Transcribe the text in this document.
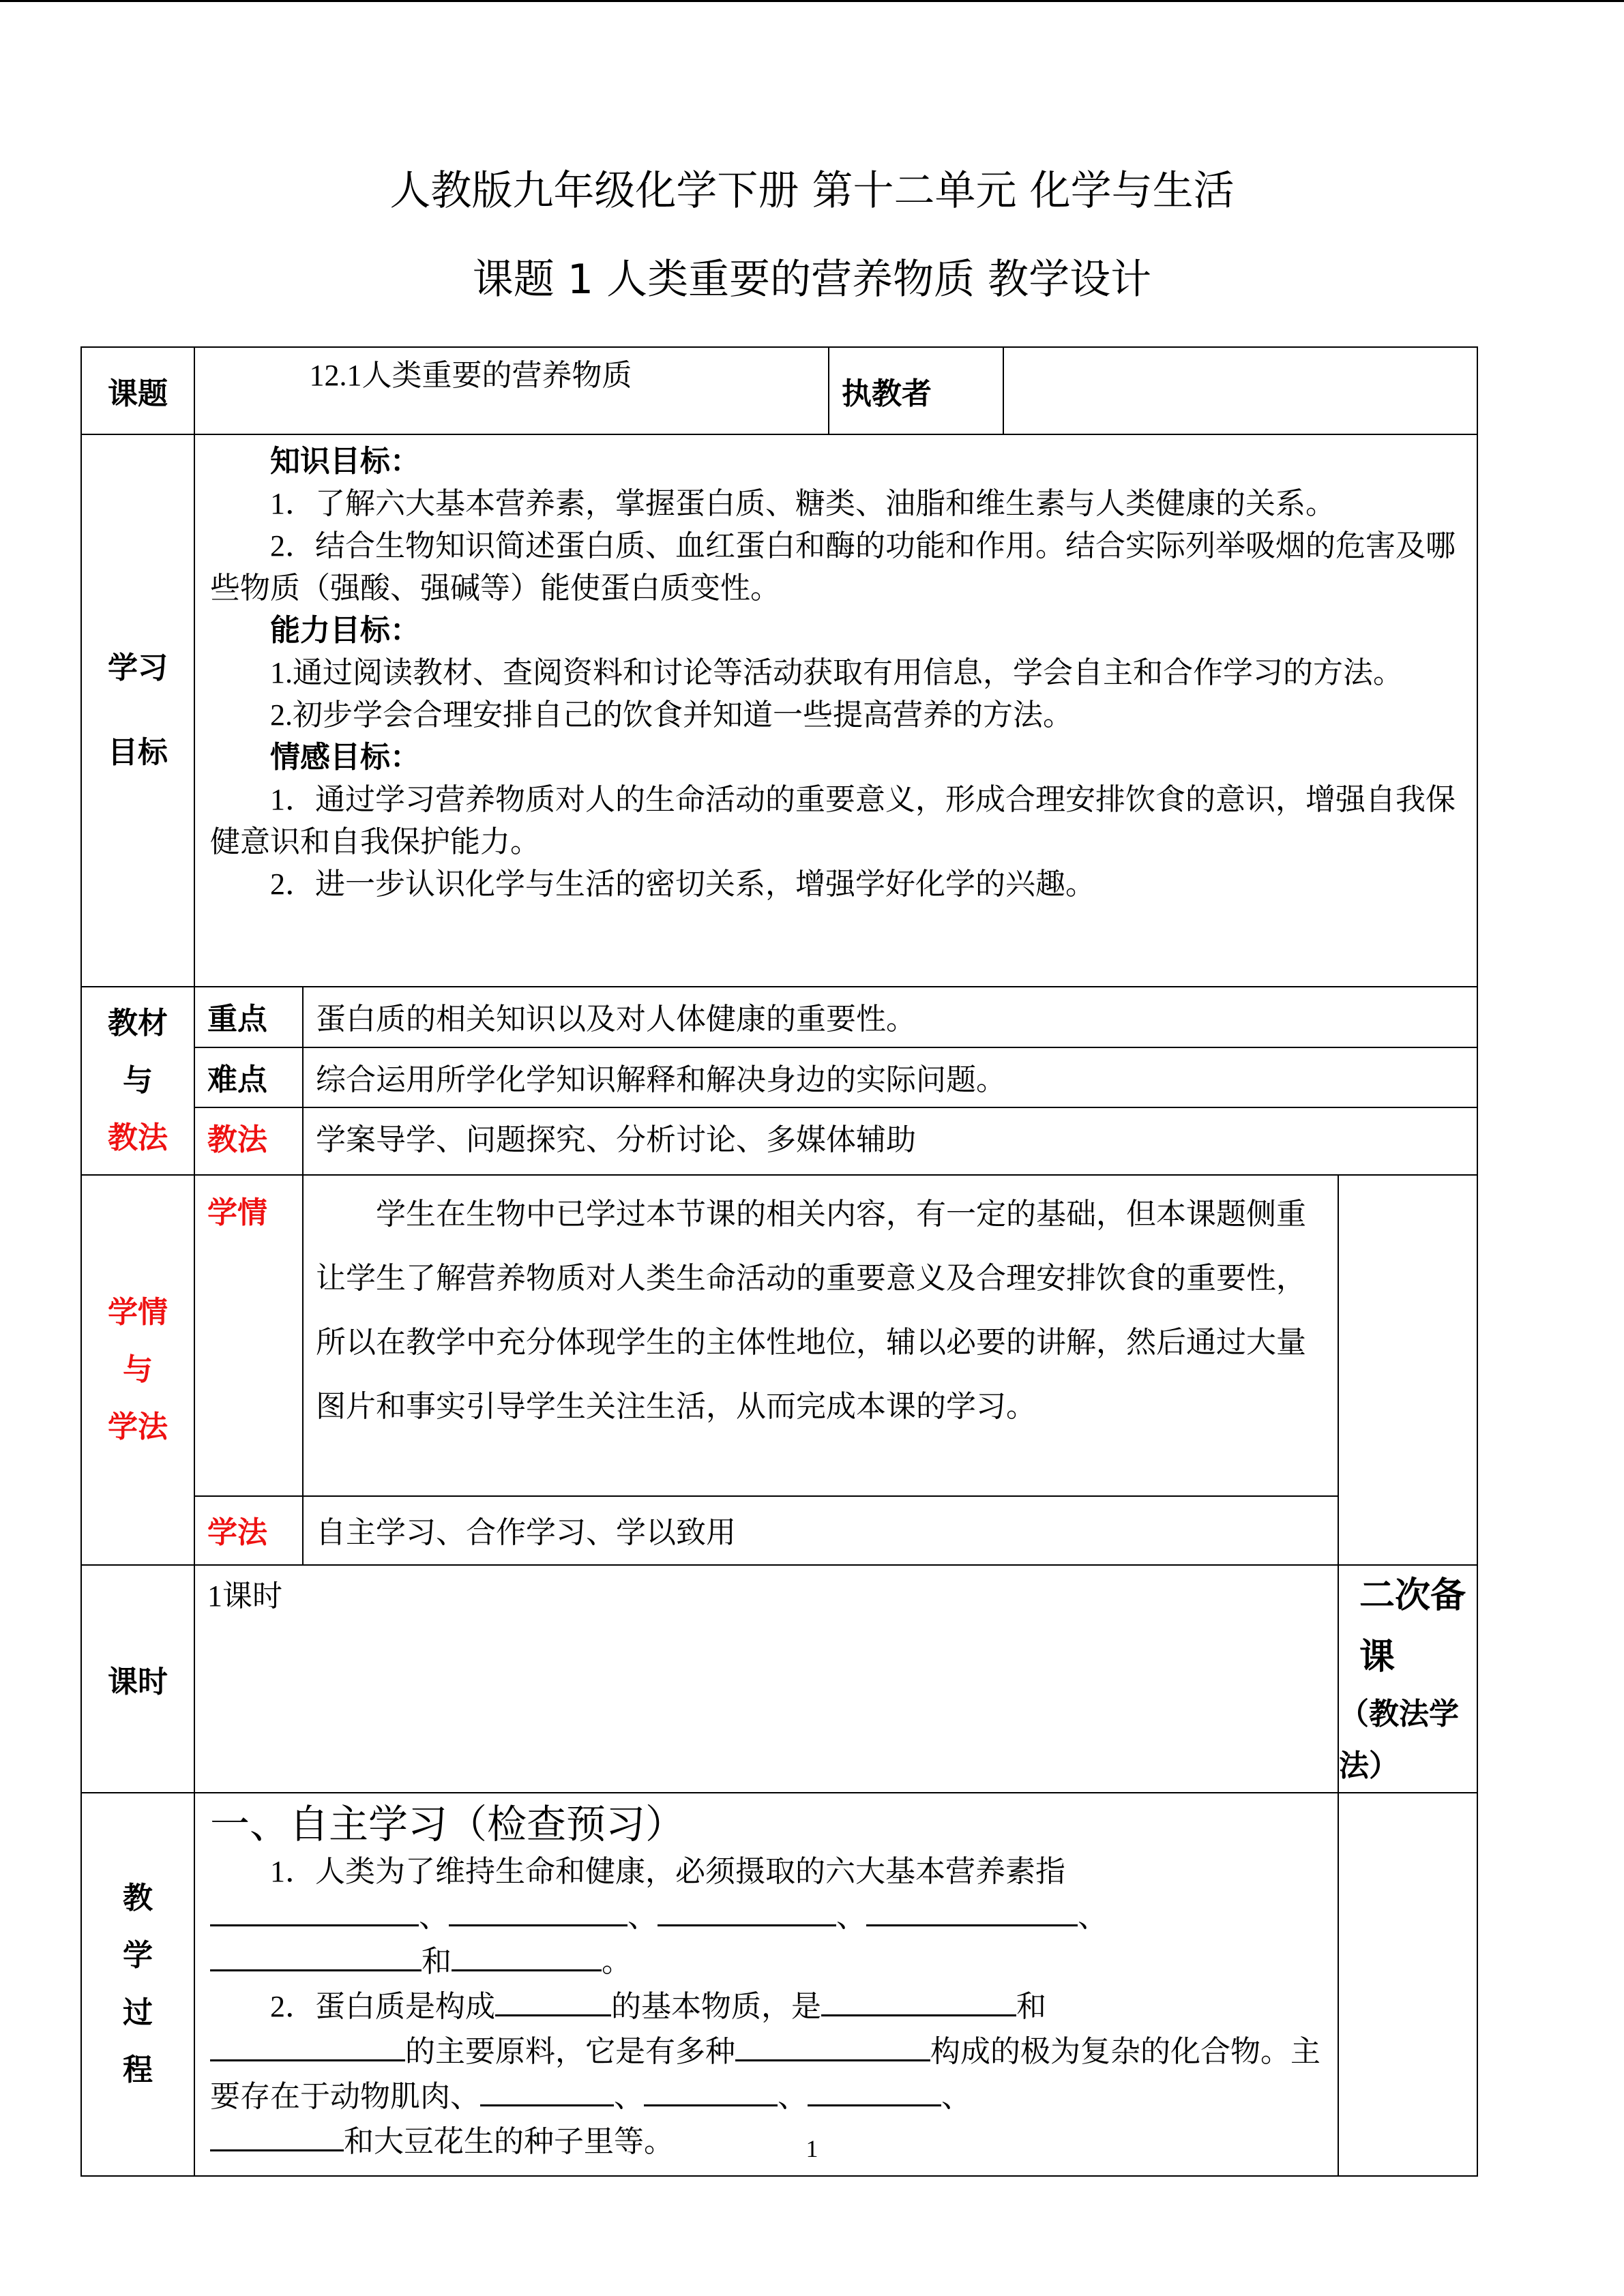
人教版九年级化学下册 第十二单元 化学与生活
课题 1 人类重要的营养物质 教学设计
课题	12.1人类重要的营养物质	执教者	

学习
目标

知识目标：

1．了解六大基本营养素，掌握蛋白质、糖类、油脂和维生素与人类健康的关系。

2．结合生物知识简述蛋白质、血红蛋白和酶的功能和作用。结合实际列举吸烟的危害及哪些物质（强酸、强碱等）能使蛋白质变性。

能力目标：

1.通过阅读教材、查阅资料和讨论等活动获取有用信息，学会自主和合作学习的方法。

2.初步学会合理安排自己的饮食并知道一些提高营养的方法。

情感目标：

1．通过学习营养物质对人的生命活动的重要意义，形成合理安排饮食的意识，增强自我保健意识和自我保护能力。

2．进一步认识化学与生活的密切关系，增强学好化学的兴趣。

教材
与
教法

重点	蛋白质的相关知识以及对人体健康的重要性。
难点	综合运用所学化学知识解释和解决身边的实际问题。
教法	学案导学、问题探究、分析讨论、多媒体辅助

学情
与
学法

学情	学生在生物中已学过本节课的相关内容，有一定的基础，但本课题侧重让学生了解营养物质对人类生命活动的重要意义及合理安排饮食的重要性，所以在教学中充分体现学生的主体性地位，辅以必要的讲解，然后通过大量图片和事实引导学生关注生活，从而完成本课的学习。
学法	自主学习、合作学习、学以致用

课时	1课时	二次备课
（教法学
法）

教
学
过
程

一、自主学习（检查预习）

1．人类为了维持生命和健康，必须摄取的六大基本营养素指
、	、	、	、
和	。

2．蛋白质是构成	的基本物质，是	和
的主要原料，它是有多种	构成的极为复杂的化合物。主要存在于动物肌肉、	、	、	、
和大豆花生的种子里等。

		1
